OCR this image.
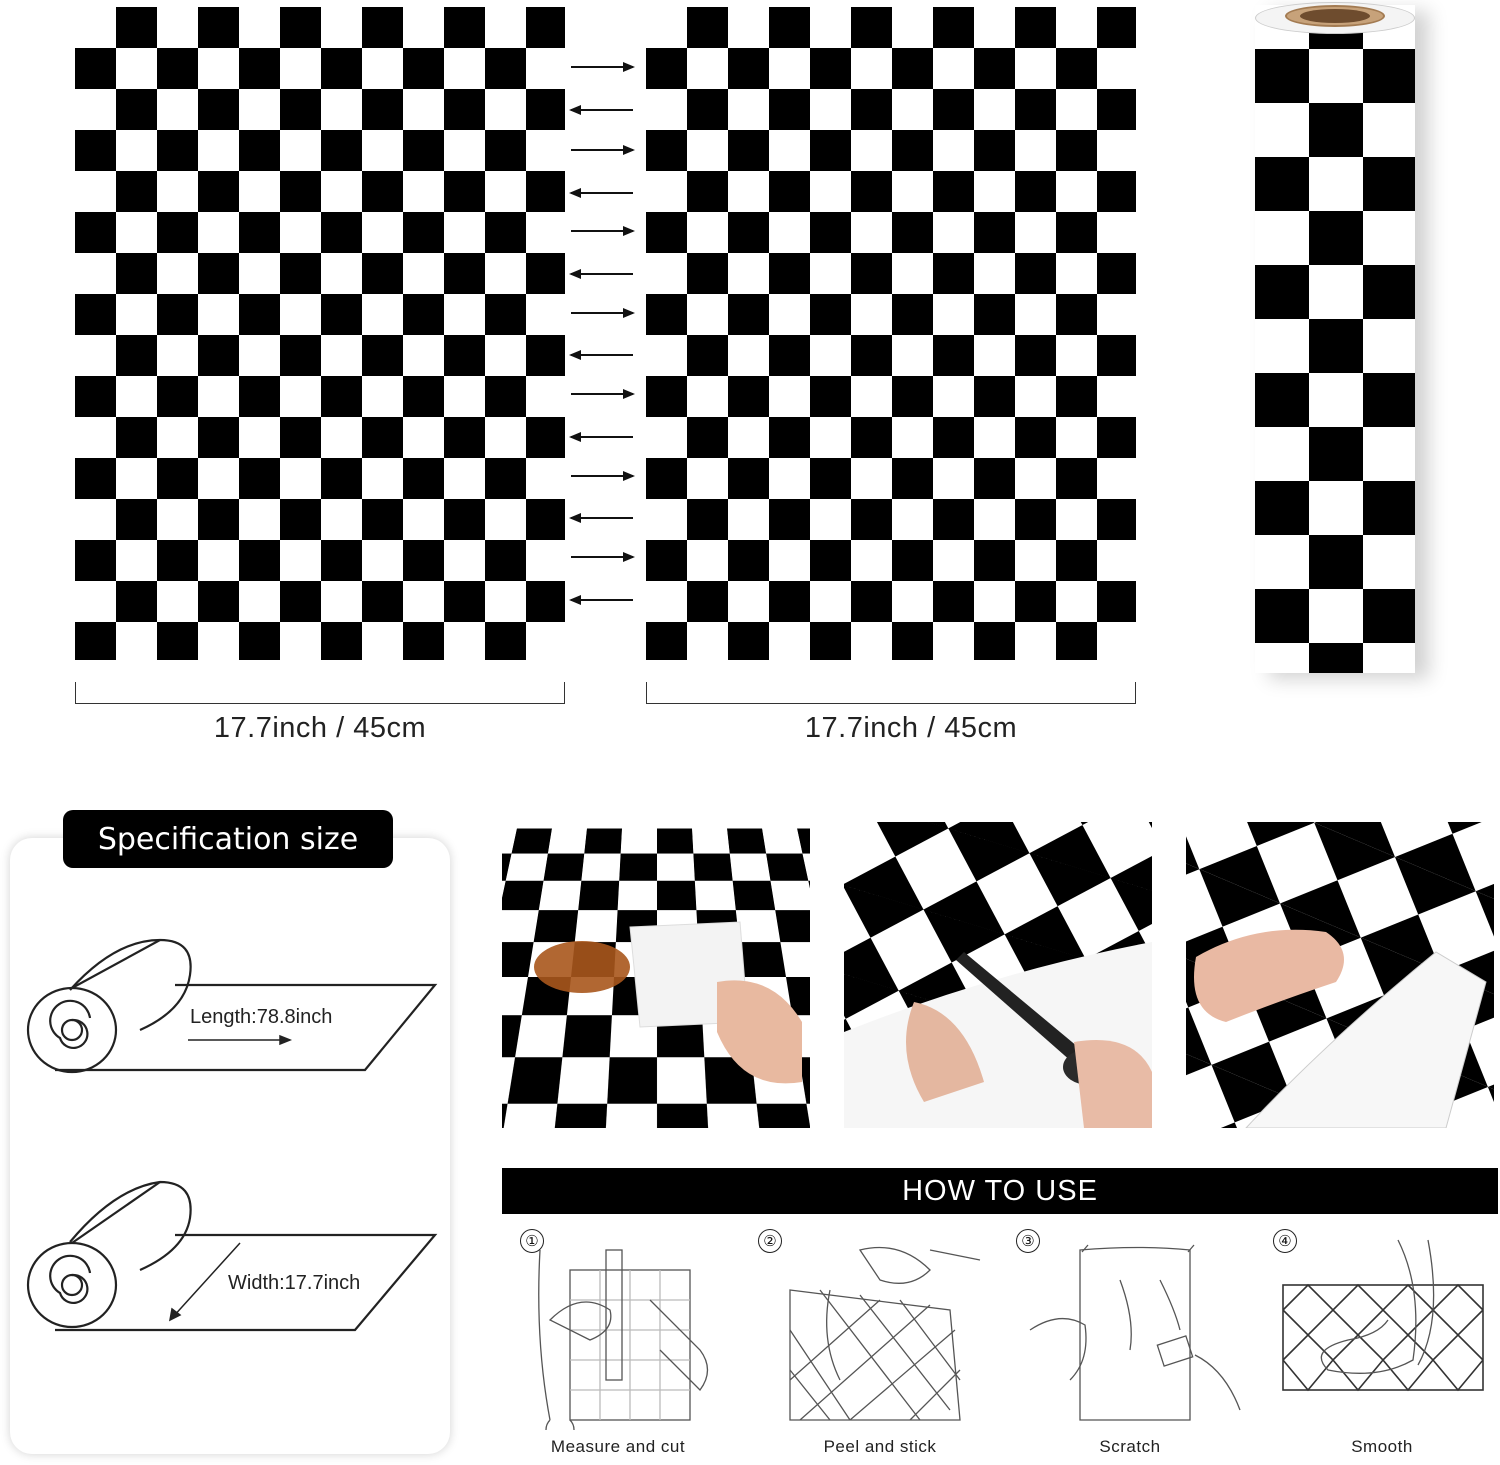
17.7inch / 45cm	17.7inch / 45cm
Specification size
Length:78.8inch
Width:17.7inch
HOW TO USE
①
Measure and cut
②
Peel and stick
③
Scratch
④
Smooth
